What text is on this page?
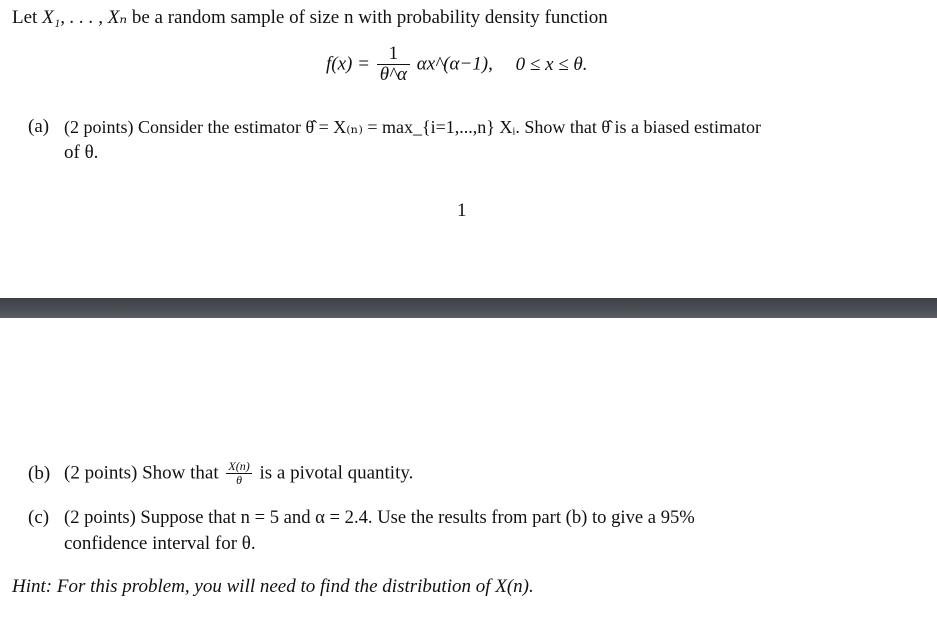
Let X₁, . . . , Xₙ be a random sample of size n with probability density function
$f(x) = \frac{1}{\theta\^{}\alpha}$ αx^(α−1), 0 ≤ x ≤ θ.
(a) (2 points) Consider the estimator θ̂ = X₍ₙ₎ = max_{i=1,...,n} Xᵢ. Show that θ̂ is a biased estimator
of θ.
1
(b) (2 points) Show that $\frac{X(n)}{\theta}$ is a pivotal quantity.
(c) (2 points) Suppose that n = 5 and α = 2.4. Use the results from part (b) to give a 95%
confidence interval for θ.
Hint: For this problem, you will need to find the distribution of X(n).
